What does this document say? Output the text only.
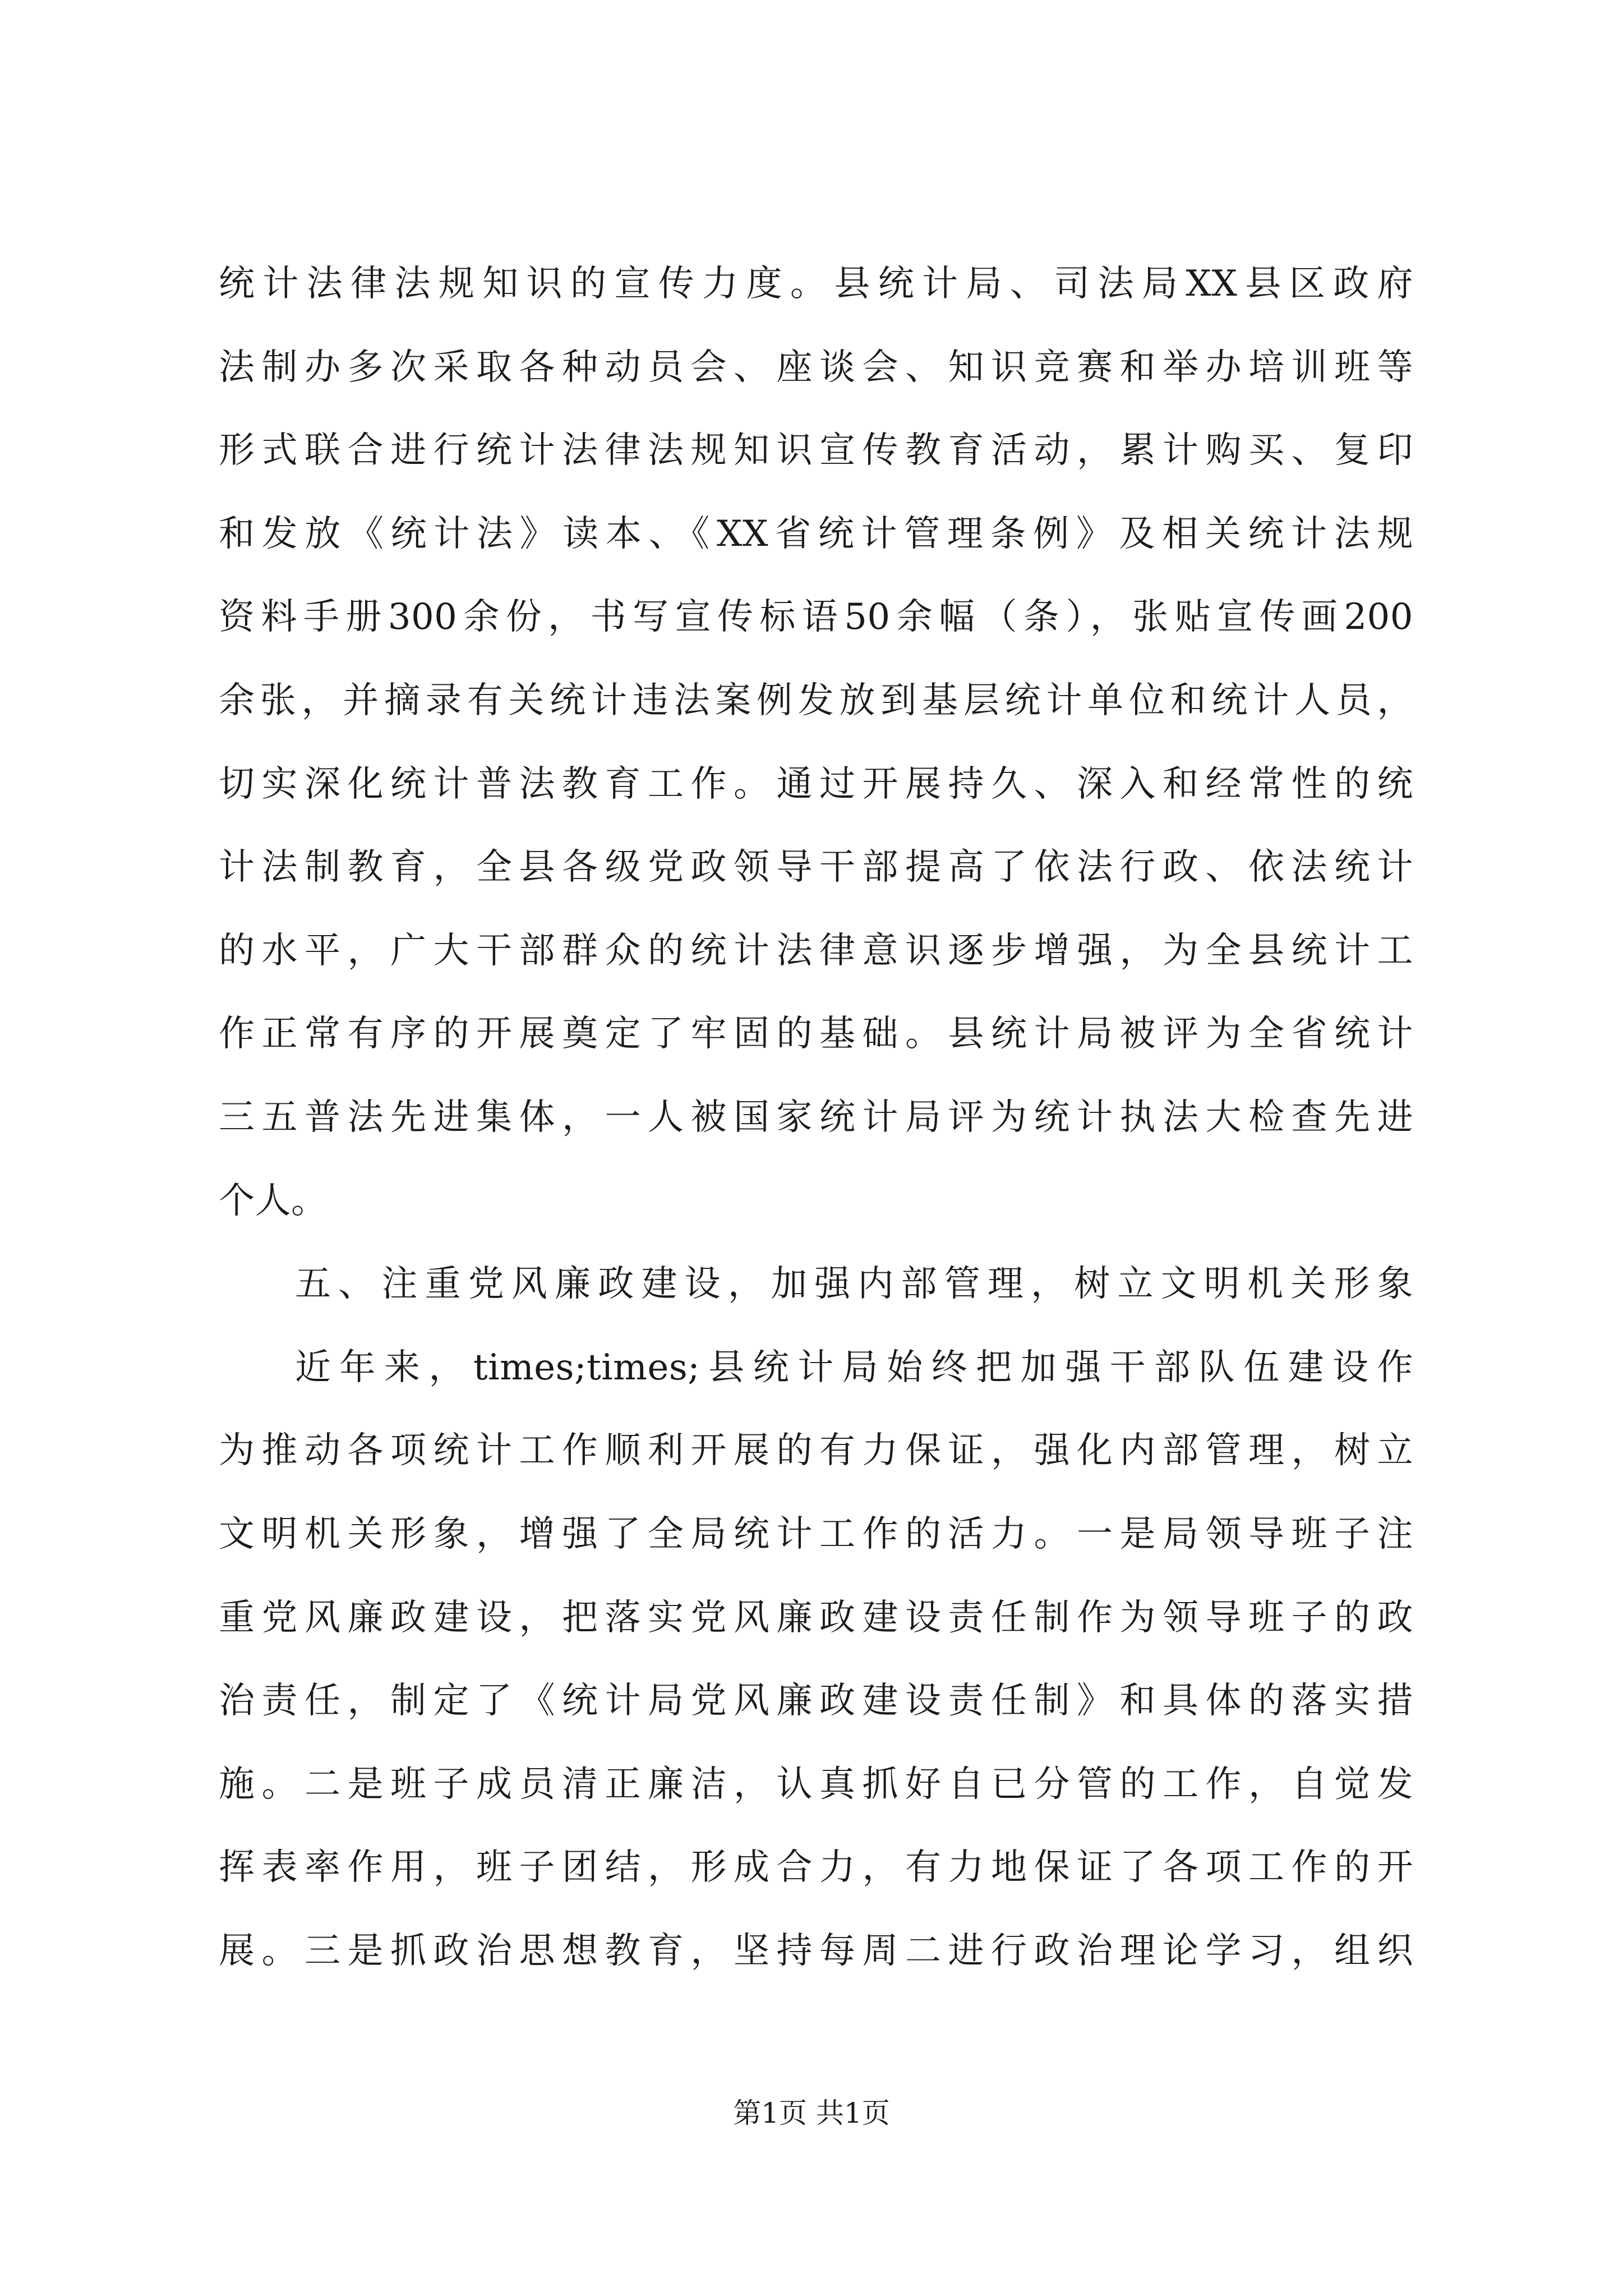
统计法律法规知识的宣传力度。县统计局、司法局XX县区政府
法制办多次采取各种动员会、座谈会、知识竞赛和举办培训班等
形式联合进行统计法律法规知识宣传教育活动，累计购买、复印
和发放《统计法》读本、《XX省统计管理条例》及相关统计法规
资料手册300余份，书写宣传标语50余幅（条），张贴宣传画200
余张，并摘录有关统计违法案例发放到基层统计单位和统计人员，
切实深化统计普法教育工作。通过开展持久、深入和经常性的统
计法制教育，全县各级党政领导干部提高了依法行政、依法统计
的水平，广大干部群众的统计法律意识逐步增强，为全县统计工
作正常有序的开展奠定了牢固的基础。县统计局被评为全省统计
三五普法先进集体，一人被国家统计局评为统计执法大检查先进
个人。
五、注重党风廉政建设，加强内部管理，树立文明机关形象
近年来，times;times;县统计局始终把加强干部队伍建设作
为推动各项统计工作顺利开展的有力保证，强化内部管理，树立
文明机关形象，增强了全局统计工作的活力。一是局领导班子注
重党风廉政建设，把落实党风廉政建设责任制作为领导班子的政
治责任，制定了《统计局党风廉政建设责任制》和具体的落实措
施。二是班子成员清正廉洁，认真抓好自已分管的工作，自觉发
挥表率作用，班子团结，形成合力，有力地保证了各项工作的开
展。三是抓政治思想教育，坚持每周二进行政治理论学习，组织
第1页 共1页
